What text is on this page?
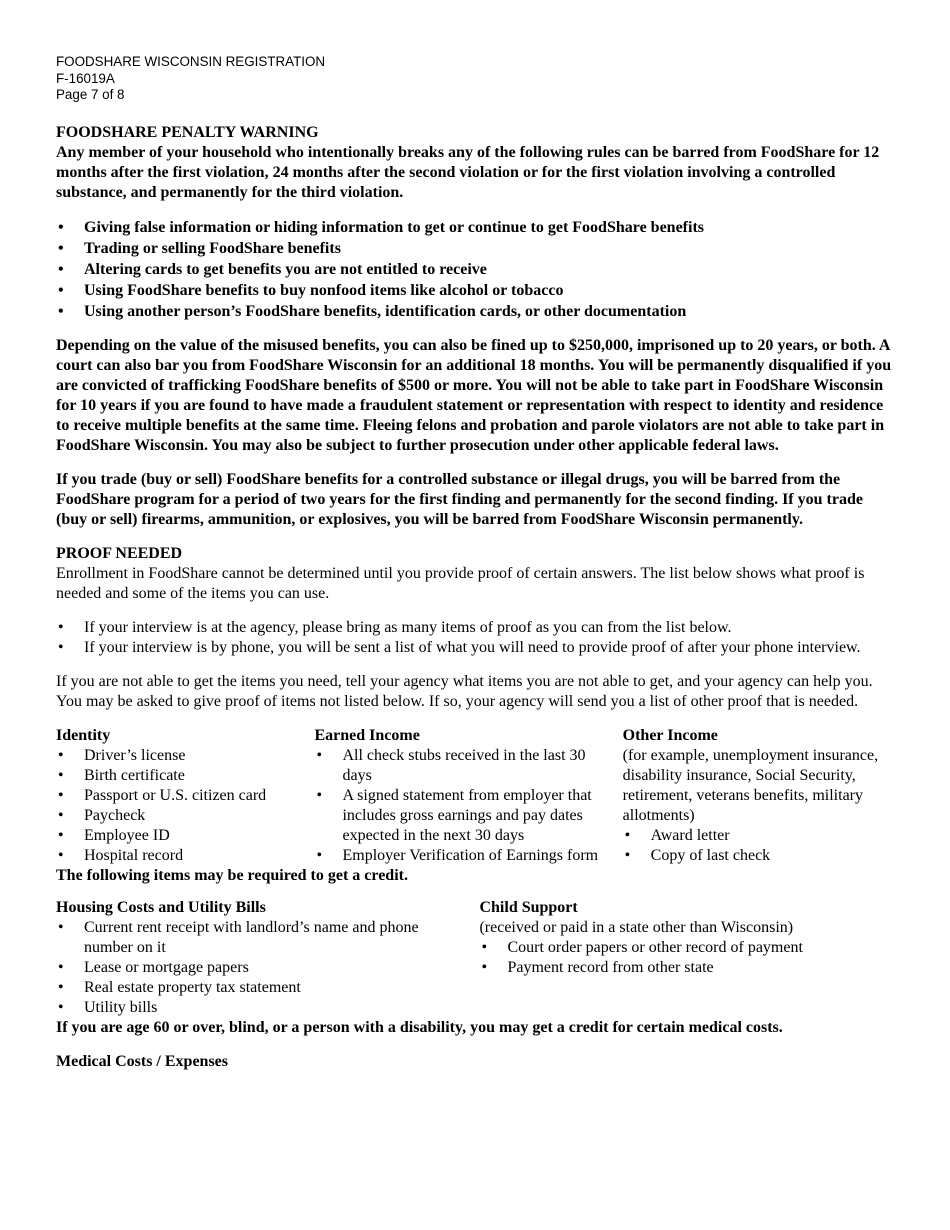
FOODSHARE WISCONSIN REGISTRATION
F-16019A
Page 7 of 8
FOODSHARE PENALTY WARNING

Any member of your household who intentionally breaks any of the following rules can be barred from FoodShare for 12 months after the first violation, 24 months after the second violation or for the first violation involving a controlled substance, and permanently for the third violation.

• Giving false information or hiding information to get or continue to get FoodShare benefits
• Trading or selling FoodShare benefits
• Altering cards to get benefits you are not entitled to receive
• Using FoodShare benefits to buy nonfood items like alcohol or tobacco
• Using another person’s FoodShare benefits, identification cards, or other documentation

Depending on the value of the misused benefits, you can also be fined up to $250,000, imprisoned up to 20 years, or both. A court can also bar you from FoodShare Wisconsin for an additional 18 months. You will be permanently disqualified if you are convicted of trafficking FoodShare benefits of $500 or more. You will not be able to take part in FoodShare Wisconsin for 10 years if you are found to have made a fraudulent statement or representation with respect to identity and residence to receive multiple benefits at the same time. Fleeing felons and probation and parole violators are not able to take part in FoodShare Wisconsin. You may also be subject to further prosecution under other applicable federal laws.

If you trade (buy or sell) FoodShare benefits for a controlled substance or illegal drugs, you will be barred from the FoodShare program for a period of two years for the first finding and permanently for the second finding. If you trade (buy or sell) firearms, ammunition, or explosives, you will be barred from FoodShare Wisconsin permanently.

PROOF NEEDED

Enrollment in FoodShare cannot be determined until you provide proof of certain answers. The list below shows what proof is needed and some of the items you can use.

• If your interview is at the agency, please bring as many items of proof as you can from the list below.
• If your interview is by phone, you will be sent a list of what you will need to provide proof of after your phone interview.

If you are not able to get the items you need, tell your agency what items you are not able to get, and your agency can help you. You may be asked to give proof of items not listed below. If so, your agency will send you a list of other proof that is needed.

Identity
• Driver’s license
• Birth certificate
• Passport or U.S. citizen card
• Paycheck
• Employee ID
• Hospital record
Earned Income
• All check stubs received in the last 30 days
• A signed statement from employer that includes gross earnings and pay dates expected in the next 30 days
• Employer Verification of Earnings form
Other Income

(for example, unemployment insurance, disability insurance, Social Security, retirement, veterans benefits, military allotments)

• Award letter
• Copy of last check

The following items may be required to get a credit.

Housing Costs and Utility Bills
• Current rent receipt with landlord’s name and phone number on it
• Lease or mortgage papers
• Real estate property tax statement
• Utility bills
Child Support

(received or paid in a state other than Wisconsin)

• Court order papers or other record of payment
• Payment record from other state

If you are age 60 or over, blind, or a person with a disability, you may get a credit for certain medical costs.

Medical Costs / Expenses
